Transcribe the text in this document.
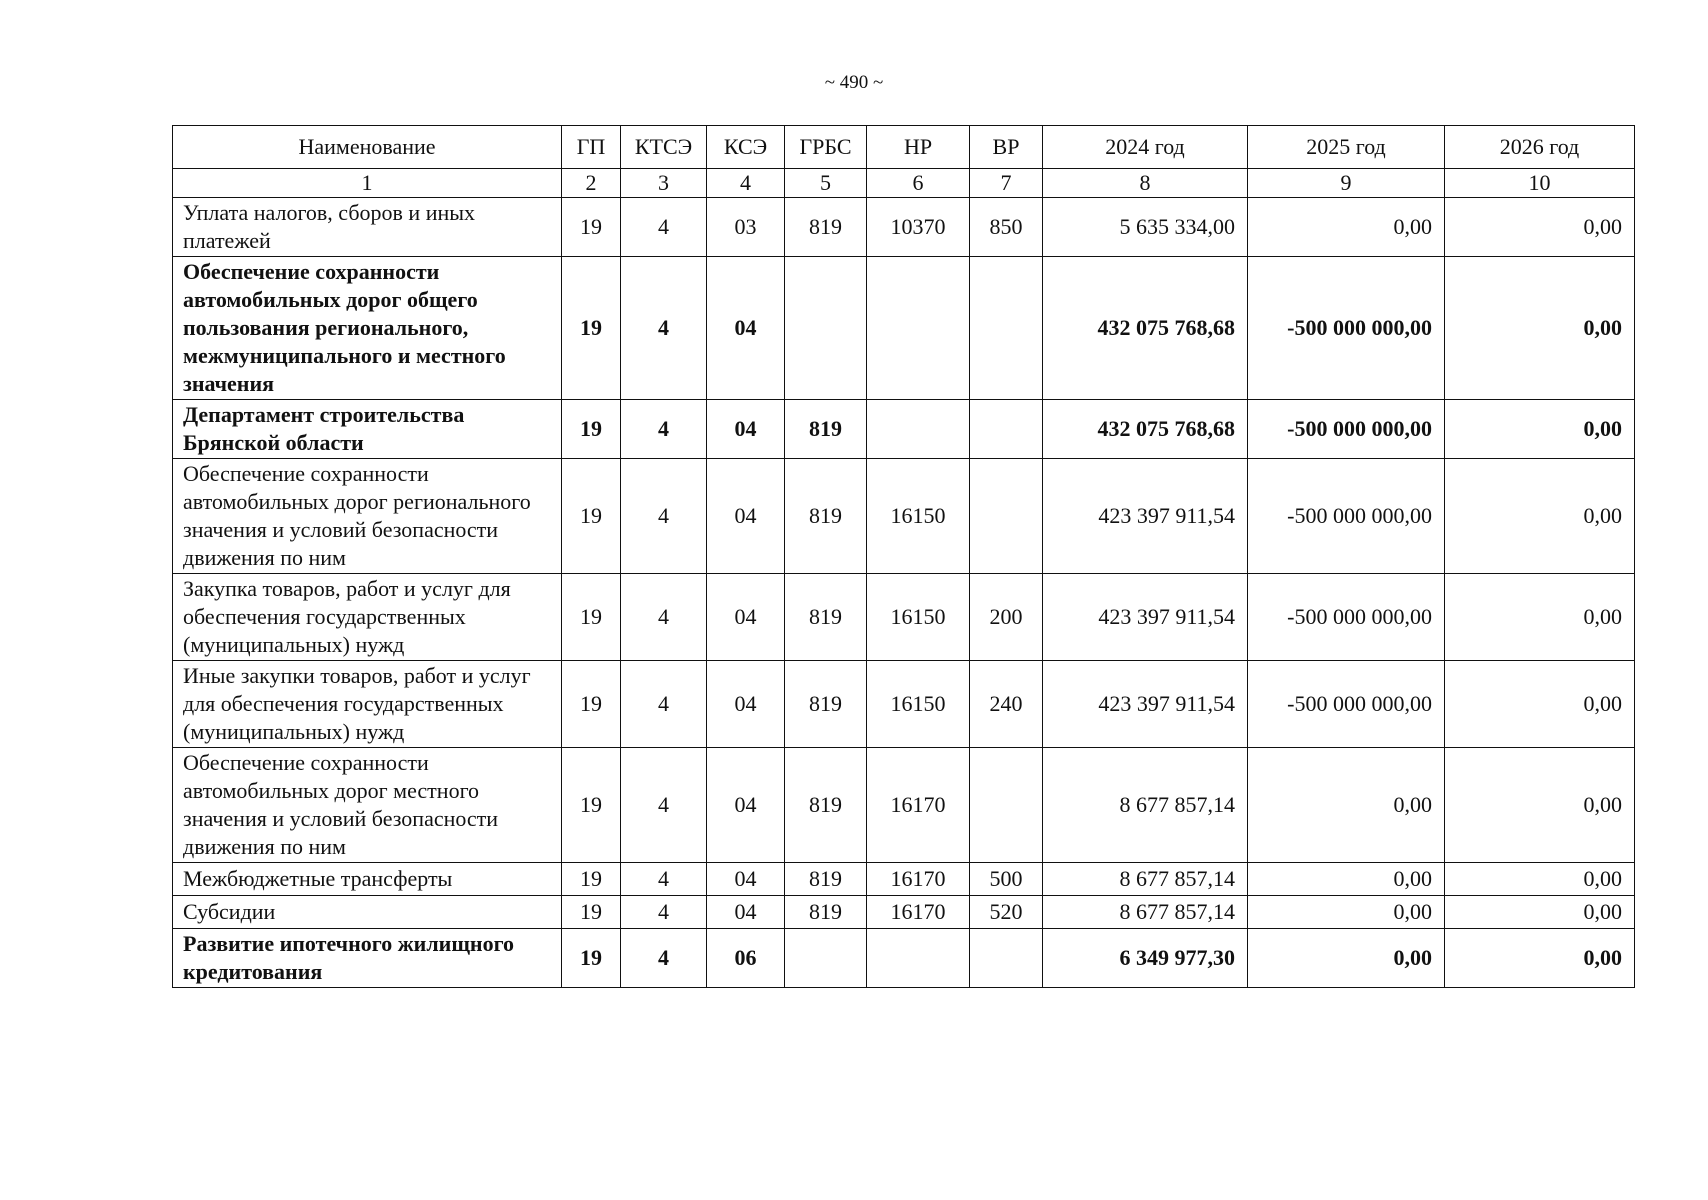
~ 490 ~
Наименование	ГП	КТСЭ	КСЭ	ГРБС	НР	ВР	2024 год	2025 год	2026 год
1	2	3	4	5	6	7	8	9	10
Уплата налогов, сборов и иных платежей	19	4	03	819	10370	850	5 635 334,00	0,00	0,00
Обеспечение сохранности автомобильных дорог общего пользования регионального, межмуниципального и местного значения	19	4	04				432 075 768,68	-500 000 000,00	0,00
Департамент строительства Брянской области	19	4	04	819			432 075 768,68	-500 000 000,00	0,00
Обеспечение сохранности автомобильных дорог регионального значения и условий безопасности движения по ним	19	4	04	819	16150		423 397 911,54	-500 000 000,00	0,00
Закупка товаров, работ и услуг для обеспечения государственных (муниципальных) нужд	19	4	04	819	16150	200	423 397 911,54	-500 000 000,00	0,00
Иные закупки товаров, работ и услуг для обеспечения государственных (муниципальных) нужд	19	4	04	819	16150	240	423 397 911,54	-500 000 000,00	0,00
Обеспечение сохранности автомобильных дорог местного значения и условий безопасности движения по ним	19	4	04	819	16170		8 677 857,14	0,00	0,00
Межбюджетные трансферты	19	4	04	819	16170	500	8 677 857,14	0,00	0,00
Субсидии	19	4	04	819	16170	520	8 677 857,14	0,00	0,00
Развитие ипотечного жилищного кредитования	19	4	06				6 349 977,30	0,00	0,00
